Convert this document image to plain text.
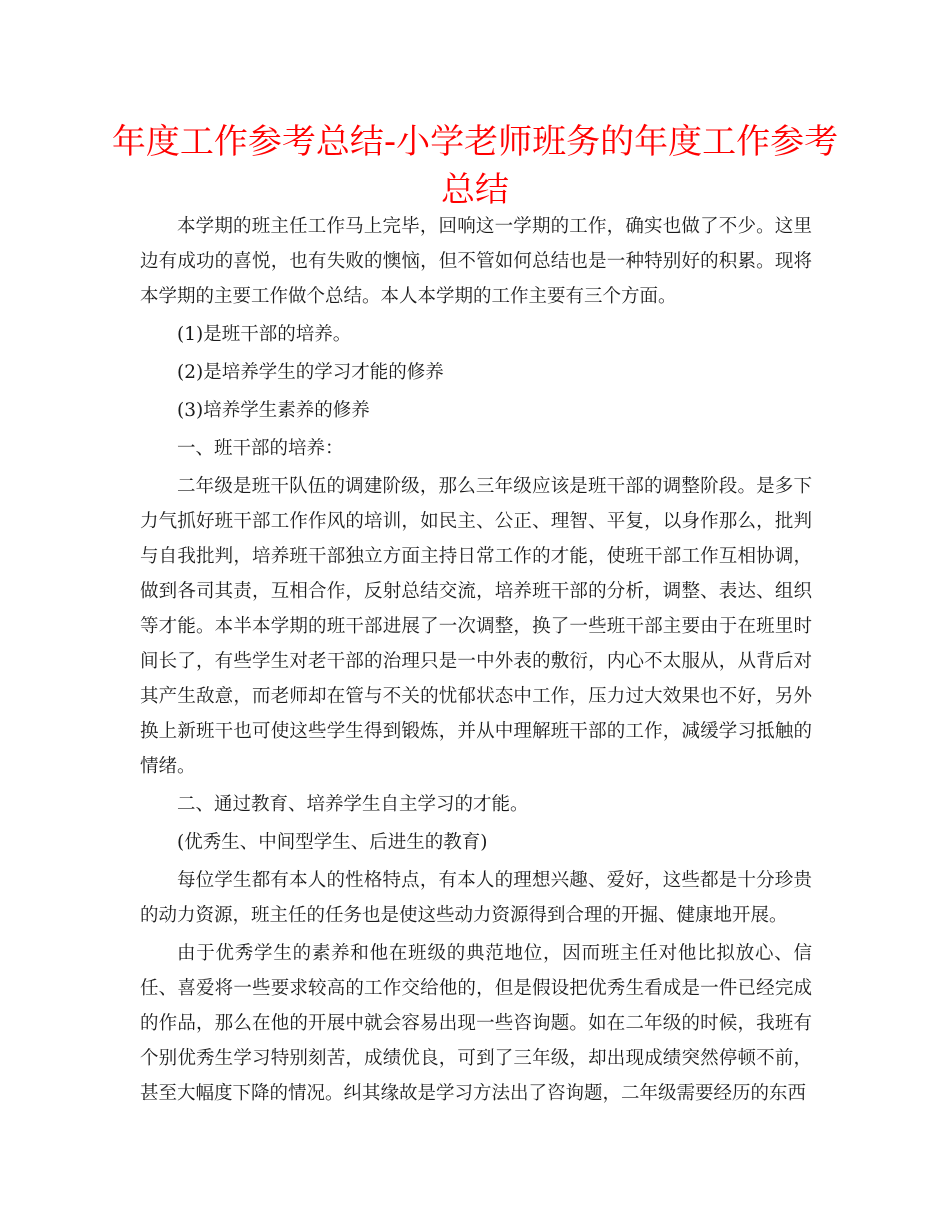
年度工作参考总结-小学老师班务的年度工作参考总结

本学期的班主任工作马上完毕，回响这一学期的工作，确实也做了不少。这里边有成功的喜悦，也有失败的懊恼，但不管如何总结也是一种特别好的积累。现将本学期的主要工作做个总结。本人本学期的工作主要有三个方面。

(1)是班干部的培养。

(2)是培养学生的学习才能的修养

(3)培养学生素养的修养

一、班干部的培养：

二年级是班干队伍的调建阶级，那么三年级应该是班干部的调整阶段。是多下力气抓好班干部工作作风的培训，如民主、公正、理智、平复，以身作那么，批判与自我批判，培养班干部独立方面主持日常工作的才能，使班干部工作互相协调，做到各司其责，互相合作，反射总结交流，培养班干部的分析，调整、表达、组织等才能。本半本学期的班干部进展了一次调整，换了一些班干部主要由于在班里时间长了，有些学生对老干部的治理只是一中外表的敷衍，内心不太服从，从背后对其产生敌意，而老师却在管与不关的忧郁状态中工作，压力过大效果也不好，另外换上新班干也可使这些学生得到锻炼，并从中理解班干部的工作，减缓学习抵触的情绪。

二、通过教育、培养学生自主学习的才能。

(优秀生、中间型学生、后进生的教育)

每位学生都有本人的性格特点，有本人的理想兴趣、爱好，这些都是十分珍贵的动力资源，班主任的任务也是使这些动力资源得到合理的开掘、健康地开展。

由于优秀学生的素养和他在班级的典范地位，因而班主任对他比拟放心、信任、喜爱将一些要求较高的工作交给他的，但是假设把优秀生看成是一件已经完成的作品，那么在他的开展中就会容易出现一些咨询题。如在二年级的时候，我班有个别优秀生学习特别刻苦，成绩优良，可到了三年级，却出现成绩突然停顿不前，甚至大幅度下降的情况。纠其缘故是学习方法出了咨询题，二年级需要经历的东西
